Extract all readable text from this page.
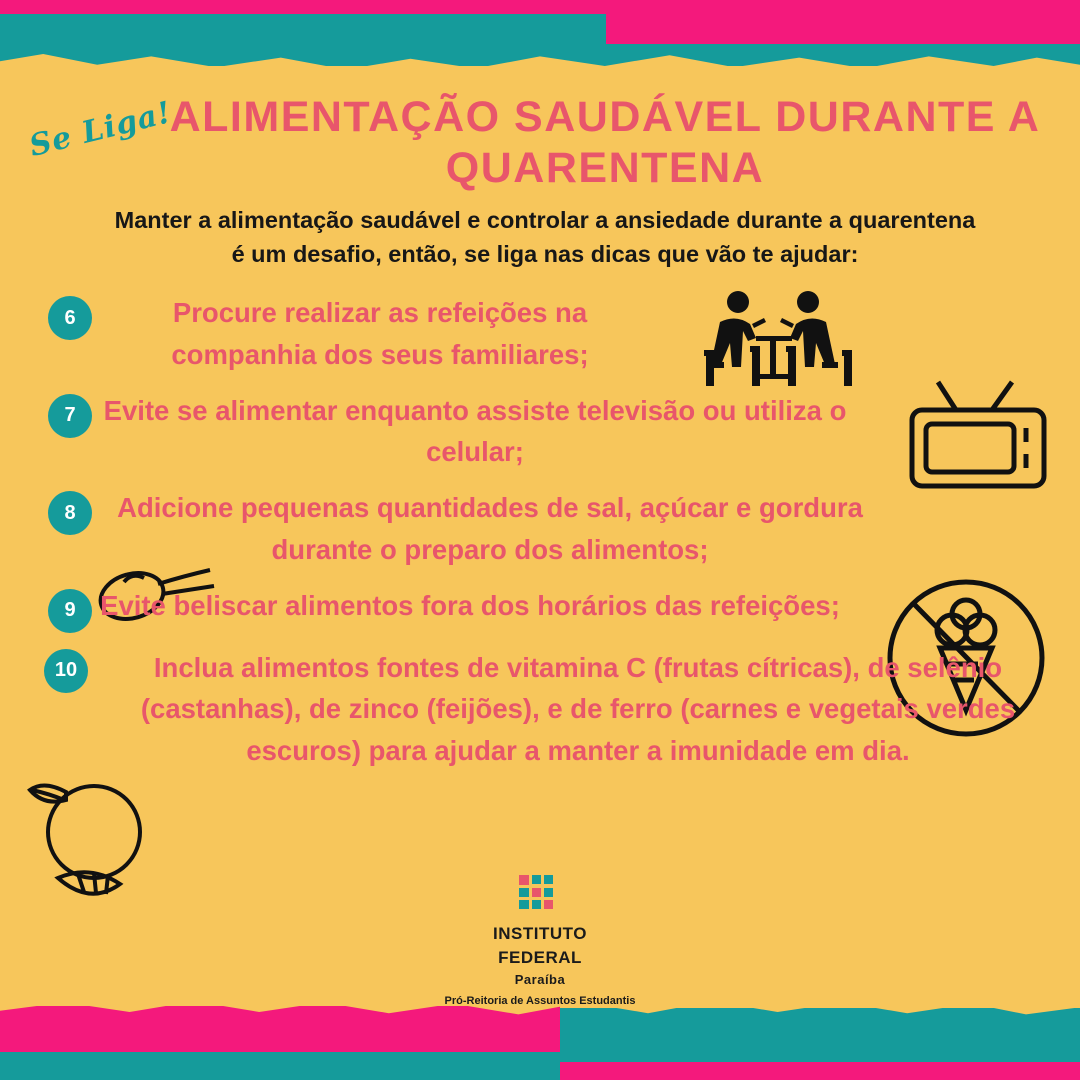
Se Liga!
ALIMENTAÇÃO SAUDÁVEL DURANTE A QUARENTENA
Manter a alimentação saudável e controlar a ansiedade durante a quarentena é um desafio, então, se liga nas dicas que vão te ajudar:
6	Procure realizar as refeições na companhia dos seus familiares;
7	Evite se alimentar enquanto assiste televisão ou utiliza o celular;
8	Adicione pequenas quantidades de sal, açúcar e gordura durante o preparo dos alimentos;
9 Evite beliscar alimentos fora dos horários das refeições;
10	Inclua alimentos fontes de vitamina C (frutas cítricas), de selênio (castanhas), de zinco (feijões), e de ferro (carnes e vegetais verdes escuros) para ajudar a manter a imunidade em dia.
INSTITUTO
FEDERAL
Paraíba
Pró-Reitoria de Assuntos Estudantis
